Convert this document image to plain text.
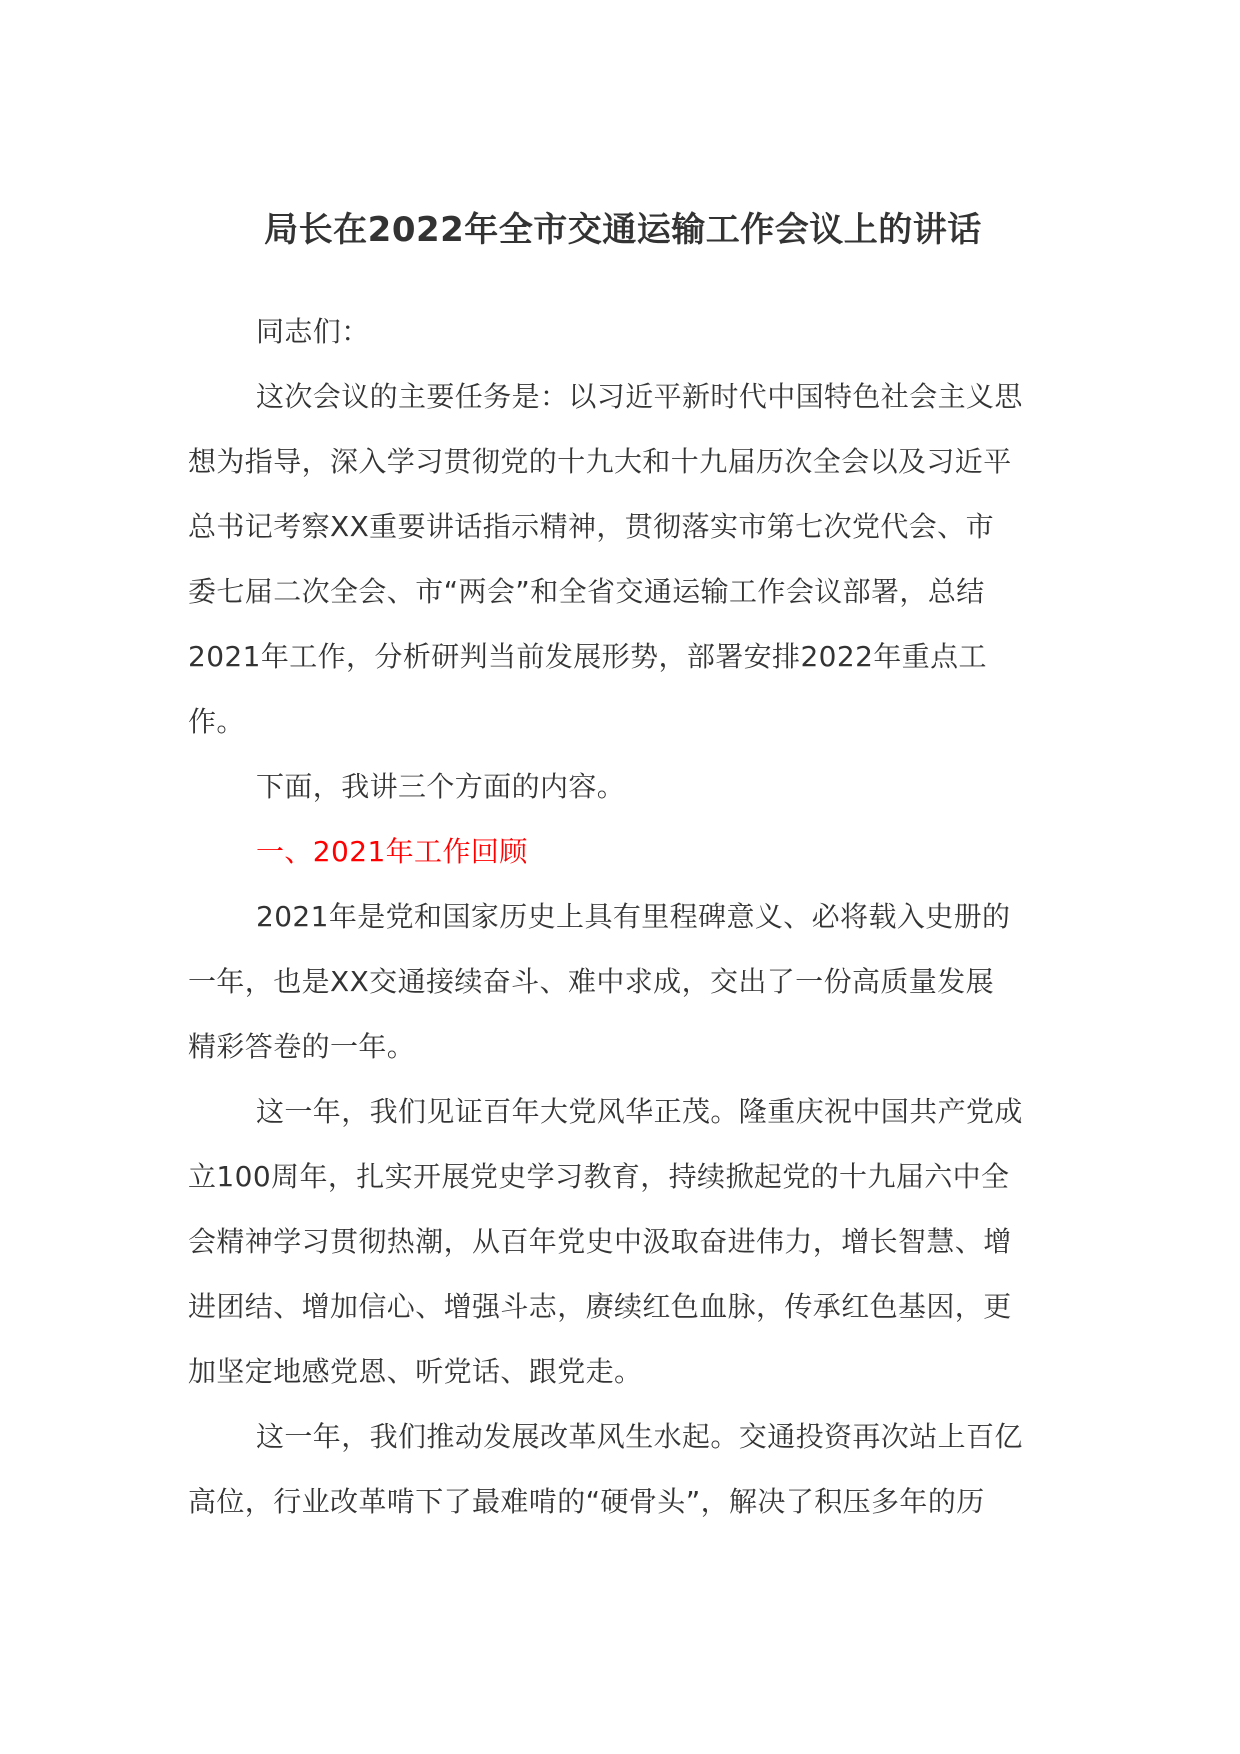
局长在2022年全市交通运输工作会议上的讲话

同志们：

这次会议的主要任务是：以习近平新时代中国特色社会主义思
想为指导，深入学习贯彻党的十九大和十九届历次全会以及习近平
总书记考察XX重要讲话指示精神，贯彻落实市第七次党代会、市
委七届二次全会、市“两会”和全省交通运输工作会议部署，总结
2021年工作，分析研判当前发展形势，部署安排2022年重点工
作。

下面，我讲三个方面的内容。

一、2021年工作回顾

2021年是党和国家历史上具有里程碑意义、必将载入史册的
一年，也是XX交通接续奋斗、难中求成，交出了一份高质量发展
精彩答卷的一年。

这一年，我们见证百年大党风华正茂。隆重庆祝中国共产党成
立100周年，扎实开展党史学习教育，持续掀起党的十九届六中全
会精神学习贯彻热潮，从百年党史中汲取奋进伟力，增长智慧、增
进团结、增加信心、增强斗志，赓续红色血脉，传承红色基因，更
加坚定地感党恩、听党话、跟党走。

这一年，我们推动发展改革风生水起。交通投资再次站上百亿
高位，行业改革啃下了最难啃的“硬骨头”，解决了积压多年的历
